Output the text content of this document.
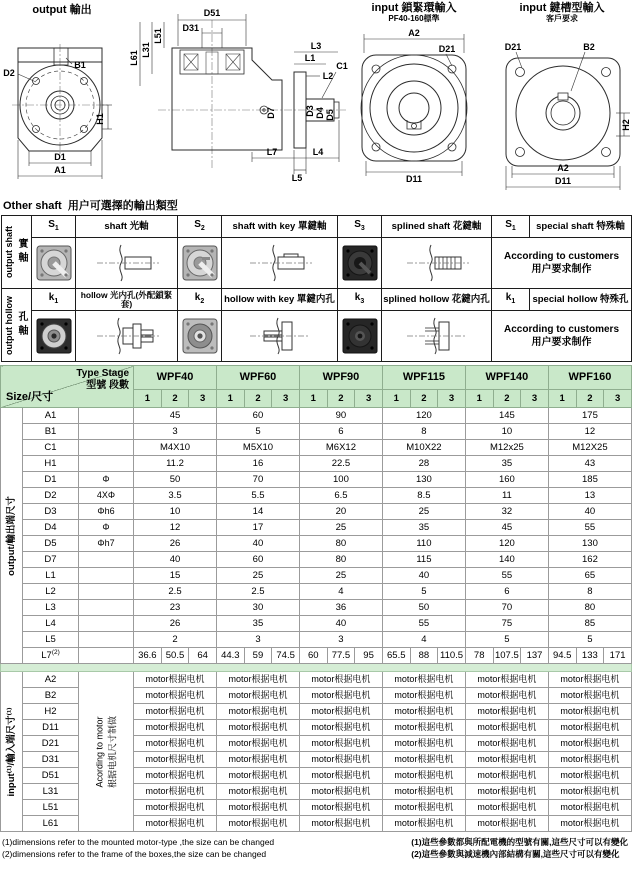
output 輸出
D2
B1
H1
D1
A1
D7
D51
D31
L51
L31
L61
L3
L1
L2
C1
D3 D4 D5
L7	L4
L5
input 鎖緊環輸入
PF40-160標準
A2
D21
D11
input 鍵槽型輸入
客戶要求
D21	B2
H2
A2
D11
Other shaft 用户可選擇的輸出類型
output shaft 實軸	$S_1$	shaft 光軸	$S_2$	shaft with key 單鍵軸	$S_3$	splined shaft 花鍵軸	$S_1$	special shaft 特殊軸

According to customers
用户要求制作	

output hollow 孔軸	$k_1$	hollow 光内孔(外配鎖緊套)	$k_2$	hollow with key 單鍵内孔	$k_3$	splined hollow 花鍵内孔	$k_1$	special hollow 特殊孔

According to customers
用户要求制作	
Type Stage
型號 段數
Size/尺寸			WPF40			WPF60			WPF90			WPF115			WPF140			WPF160		
			1	2	3	1	2	3	1	2	3	1	2	3	1	2	3	1	2	3

output/輸出端尺寸	A1		45			60			90			120			145			175		
	B1		3			5			6			8			10			12		
	C1		M4X10			M5X10			M6X12			M10X22			M12x25			M12X25		
	H1		11.2			16			22.5			28			35			43		
	D1	Φ	50			70			100			130			160			185		
	D2	4XΦ	3.5			5.5			6.5			8.5			11			13		
	D3	Φh6	10			14			20			25			32			40		
	D4	Φ	12			17			25			35			45			55		
	D5	Φh7	26			40			80			110			120			130		
	D7		40			60			80			115			140			162		
	L1		15			25			25			40			55			65		
	L2		2.5			2.5			4			5			6			8		
	L3		23			30			36			50			70			80		
	L4		26			35			40			55			75			85		
	L5		2			3			3			4			5			5		
	L7$^{(2)}$		36.6	50.5	64	44.3	59	74.5	60	77.5	95	65.5	88	110.5	78	107.5	137	94.5	133	171

input⁽¹⁾/輸入端尺寸⁽¹⁾	A2	Acording to motor 根据电机尺寸制做	motor根据电机			motor根据电机			motor根据电机			motor根据电机			motor根据电机			motor根据电机		
	B2		motor根据电机			motor根据电机			motor根据电机			motor根据电机			motor根据电机			motor根据电机		
	H2		motor根据电机			motor根据电机			motor根据电机			motor根据电机			motor根据电机			motor根据电机		
	D11		motor根据电机			motor根据电机			motor根据电机			motor根据电机			motor根据电机			motor根据电机		
	D21		motor根据电机			motor根据电机			motor根据电机			motor根据电机			motor根据电机			motor根据电机		
	D31		motor根据电机			motor根据电机			motor根据电机			motor根据电机			motor根据电机			motor根据电机		
	D51		motor根据电机			motor根据电机			motor根据电机			motor根据电机			motor根据电机			motor根据电机		
	L31		motor根据电机			motor根据电机			motor根据电机			motor根据电机			motor根据电机			motor根据电机		
	L51		motor根据电机			motor根据电机			motor根据电机			motor根据电机			motor根据电机			motor根据电机		
	L61		motor根据电机			motor根据电机			motor根据电机			motor根据电机			motor根据电机			motor根据电机		
(1)dimensions refer to the mounted motor-type ,the size can be changed
(2)dimensions refer to the frame of the boxes,the size can be changed
(1)這些參數都與所配電機的型號有關,這些尺寸可以有變化
(2)這些參數與減速機內部結構有關,這些尺寸可以有變化
